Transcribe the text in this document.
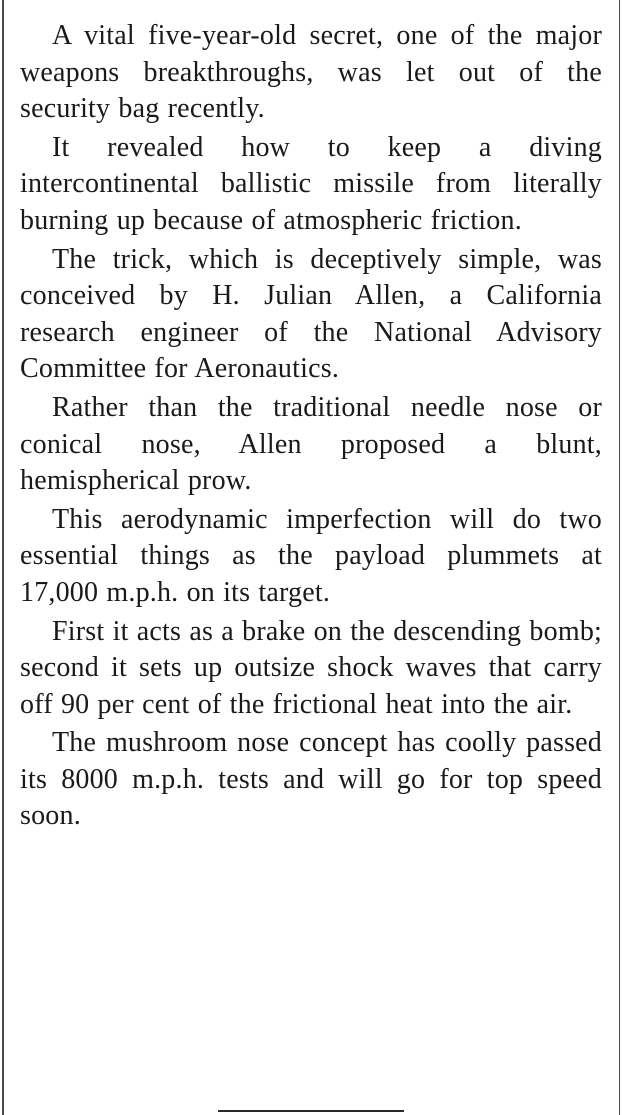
A vital five-year-old secret, one of the major weapons breakthroughs, was let out of the security bag recently.

It revealed how to keep a diving intercontinental ballistic missile from literally burning up because of atmospheric friction.

The trick, which is deceptively simple, was conceived by H. Julian Allen, a California research engineer of the National Advisory Committee for Aeronautics.

Rather than the traditional needle nose or conical nose, Allen proposed a blunt, hemispherical prow.

This aerodynamic imperfection will do two essential things as the payload plummets at 17,000 m.p.h. on its target.

First it acts as a brake on the descending bomb; second it sets up outsize shock waves that carry off 90 per cent of the frictional heat into the air.

The mushroom nose concept has coolly passed its 8000 m.p.h. tests and will go for top speed soon.
